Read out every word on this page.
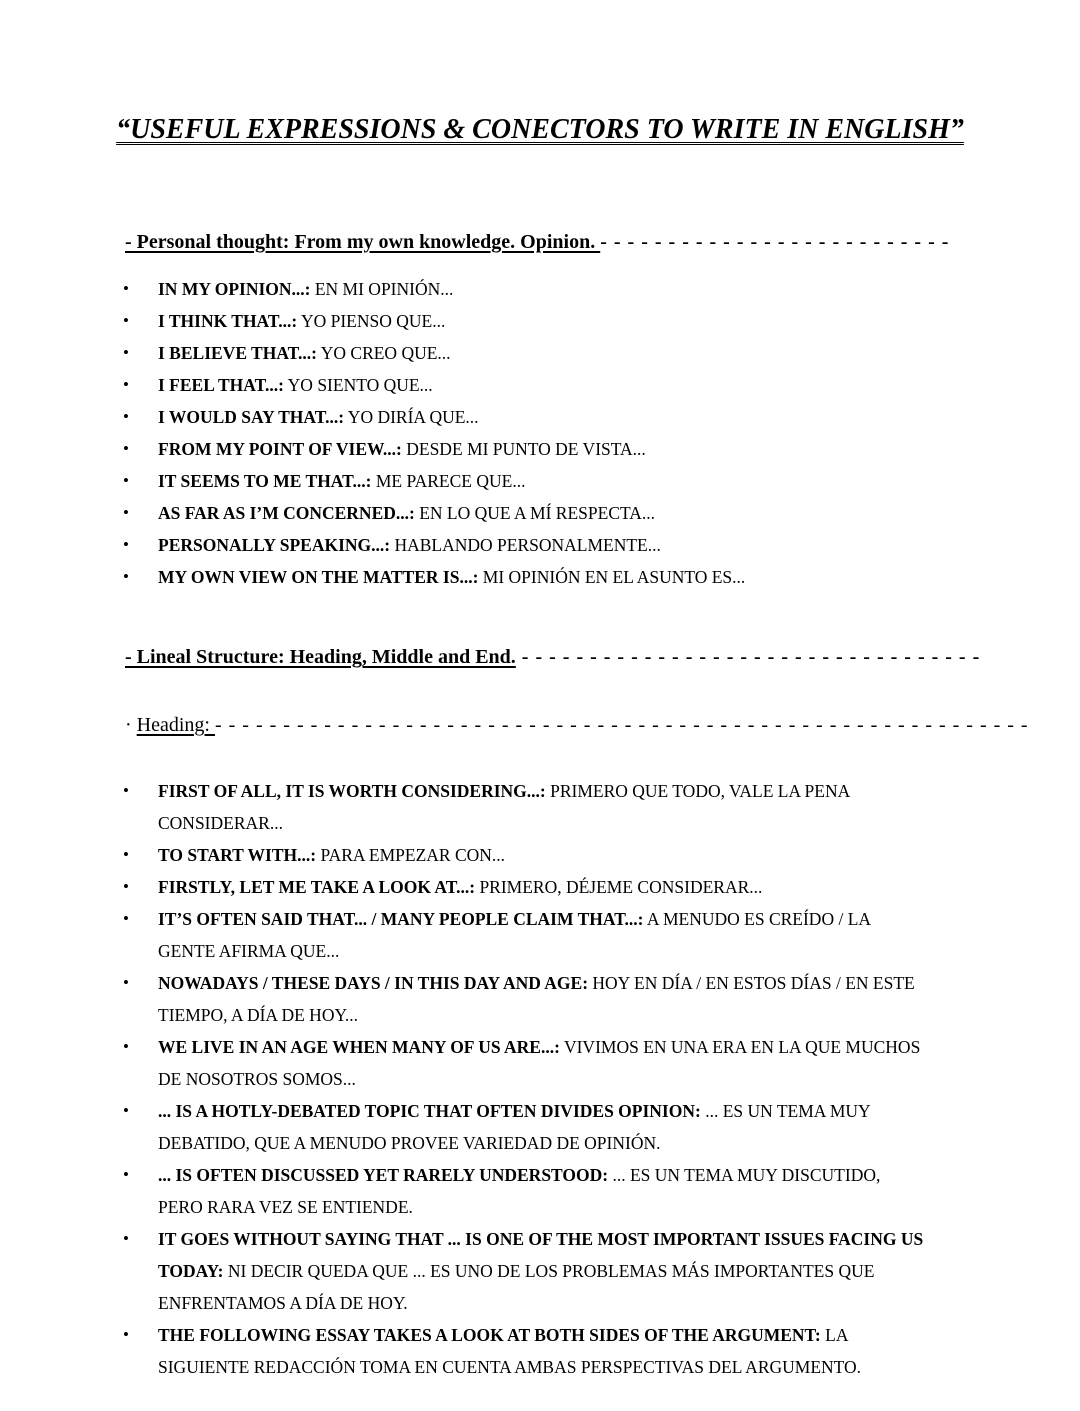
“USEFUL EXPRESSIONS & CONECTORS TO WRITE IN ENGLISH”

- Personal thought: From my own knowledge. Opinion. - - - - - - - - - - - - - - - - - - - - - - - - - -

• IN MY OPINION...: EN MI OPINIÓN...
• I THINK THAT...: YO PIENSO QUE...
• I BELIEVE THAT...: YO CREO QUE...
• I FEEL THAT...: YO SIENTO QUE...
• I WOULD SAY THAT...: YO DIRÍA QUE...
• FROM MY POINT OF VIEW...: DESDE MI PUNTO DE VISTA...
• IT SEEMS TO ME THAT...: ME PARECE QUE...
• AS FAR AS I’M CONCERNED...: EN LO QUE A MÍ RESPECTA...
• PERSONALLY SPEAKING...: HABLANDO PERSONALMENTE...
• MY OWN VIEW ON THE MATTER IS...: MI OPINIÓN EN EL ASUNTO ES...

- Lineal Structure: Heading, Middle and End. - - - - - - - - - - - - - - - - - - - - - - - - - - - - - - - - - -

· Heading: - - - - - - - - - - - - - - - - - - - - - - - - - - - - - - - - - - - - - - - - - - - - - - - - - - - - - - - - - - - -

• FIRST OF ALL, IT IS WORTH CONSIDERING...: PRIMERO QUE TODO, VALE LA PENA CONSIDERAR...
• TO START WITH...: PARA EMPEZAR CON...
• FIRSTLY, LET ME TAKE A LOOK AT...: PRIMERO, DÉJEME CONSIDERAR...
• IT’S OFTEN SAID THAT... / MANY PEOPLE CLAIM THAT...: A MENUDO ES CREÍDO / LA GENTE AFIRMA QUE...
• NOWADAYS / THESE DAYS / IN THIS DAY AND AGE: HOY EN DÍA / EN ESTOS DÍAS / EN ESTE TIEMPO, A DÍA DE HOY...
• WE LIVE IN AN AGE WHEN MANY OF US ARE...: VIVIMOS EN UNA ERA EN LA QUE MUCHOS DE NOSOTROS SOMOS...
• ... IS A HOTLY-DEBATED TOPIC THAT OFTEN DIVIDES OPINION: ... ES UN TEMA MUY DEBATIDO, QUE A MENUDO PROVEE VARIEDAD DE OPINIÓN.
• ... IS OFTEN DISCUSSED YET RARELY UNDERSTOOD: ... ES UN TEMA MUY DISCUTIDO, PERO RARA VEZ SE ENTIENDE.
• IT GOES WITHOUT SAYING THAT ... IS ONE OF THE MOST IMPORTANT ISSUES FACING US TODAY: NI DECIR QUEDA QUE ... ES UNO DE LOS PROBLEMAS MÁS IMPORTANTES QUE ENFRENTAMOS A DÍA DE HOY.
• THE FOLLOWING ESSAY TAKES A LOOK AT BOTH SIDES OF THE ARGUMENT: LA SIGUIENTE REDACCIÓN TOMA EN CUENTA AMBAS PERSPECTIVAS DEL ARGUMENTO.
